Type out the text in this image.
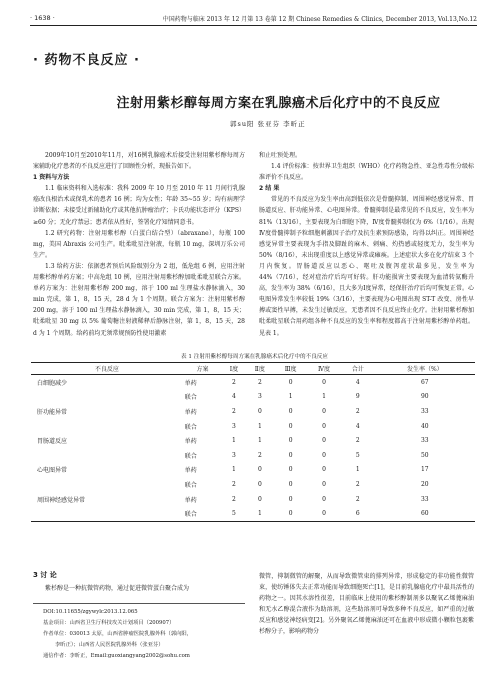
· 1638 ·	中国药物与临床 2013 年 12 月第 13 卷第 12 期 Chinese Remedies & Clinics, December 2013, Vol.13,No.12
· 药物不良反应 ·
注射用紫杉醇每周方案在乳腺癌术后化疗中的不良反应
郭su阳 张亚芬 李昕正

2009年10月至2010年11月，对16例乳腺癌术后接受注射用紫杉醇每周方案辅助化疗患者的不良反应进行了回顾性分析，现报告如下。

1 资料与方法

1.1 临床资料和入选标准：我科 2009 年 10 月至 2010 年 11 月间行乳腺癌改良根治术或保乳术的患者 16 例；均为女性；年龄 35~55 岁；均有病理学诊断依据；未接受过新辅助化疗或其他抗肿瘤治疗；卡氏功能状态评分（KPS）≥60 分；无化疗禁忌；患者依从性好，签署化疗知情同意书。

1.2 研究药物：注射用紫杉醇（白蛋白结合型）（abraxane），每瓶 100 mg，美国 Abraxis 公司生产。吡柔吡星注射液，每瓶 10 mg，深圳万乐公司生产。

1.3 给药方法：依据患者预后风险级别分为 2 组，低危组 6 例，应用注射用紫杉醇单药方案；中高危组 10 例，应用注射用紫杉醇加吡柔吡星联合方案。单药方案为：注射用紫杉醇 200 mg，溶于 100 ml 生理盐水静脉滴入，30 min 完成，第 1，8，15 天，28 d 为 1 个周期。联合方案为：注射用紫杉醇 200 mg，溶于 100 ml 生理盐水静脉滴入，30 min 完成，第 1，8，15 天；吡柔吡星 30 mg 以 5% 葡萄糖注射液稀释后静脉注射，第 1，8，15 天，28 d 为 1 个周期。给药前均无须常规预防性使用激素

和止吐预处理。

1.4 评价标准：按世界卫生组织（WHO）化疗药物急性、亚急性毒性分级标准评价不良反应。

2 结 果

常见的不良反应为发生率由高到低依次是骨髓抑制、周围神经感觉异常、胃肠道反应、肝功能异常、心电图异常。骨髓抑制是最常见的不良反应，发生率为 81%（13/16），主要表现为白细胞下降，Ⅳ度骨髓抑制仅为 6%（1/16）。出现Ⅳ度骨髓抑制予粒细胞刺激因子治疗及抗生素预防感染，均得以纠正。周围神经感觉异常主要表现为手指及脚趾的麻木、刺痛、灼热感或轻度无力，发生率为 50%（8/16），未出现重度以上感觉异常或瘫痪。上述症状大多在化疗结束 3 个月内恢复。胃肠道反应以恶心、呕吐及腹泻症状最多见，发生率为 44%（7/16），经对症治疗后均可好转。肝功能损害主要表现为血清转氨酶升高，发生率为 38%（6/16），且大多为Ⅰ度异常，经保肝治疗后均可恢复正常。心电图异常发生率较低 19%（3/16），主要表现为心电图出现 ST-T 改变、房性早搏或窦性早搏，未发生过敏反应，无患者因不良反应终止化疗。注射用紫杉醇加吡柔吡星联合用药组各种不良反应的发生率和程度都高于注射用紫杉醇单药组。见表 1。

表 1 注射用紫杉醇每周方案在乳腺癌术后化疗中的不良反应
不良反应	方案	Ⅰ度	Ⅱ度	Ⅲ度	Ⅳ度	合计	发生率（%）
白细胞减少	单药	2	2	0	0	4	67
	联合	4	3	1	1	9	90
肝功能异常	单药	2	0	0	0	2	33
	联合	3	1	0	0	4	40
胃肠道反应	单药	1	1	0	0	2	33
	联合	3	2	0	0	5	50
心电图异常	单药	1	0	0	0	1	17
	联合	2	0	0	0	2	20
周围神经感觉异常	单药	2	0	0	0	2	33
	联合	5	1	0	0	6	60
3 讨 论

紫杉醇是一种抗微管药物，通过促进微管蛋白聚合成为

DOI:10.11655/zgywylc2013.12.065

基金项目：山西省卫生厅科技攻关计划项目（200907）

作者单位：030013 太原，山西省肿瘤医院乳腺外科（郭向阳，

李昕正）；山西省人民医院乳腺外科（张亚芬）

通信作者：李昕正，Email:guoxiangyang2002@sohu.com

微管，抑制微管的解聚，从而导致微管束的排列异常，形成稳定的非功能性微管束，使纺锤体失去正常功能而导致细胞死亡[1]，是目前乳腺癌化疗中最具活性的药物之一。因其水溶性很差，目前临床上使用的紫杉醇制剂多以聚氧乙烯蓖麻油和无水乙醇混合液作为助溶剂，这些助溶剂可导致多种不良反应，如严重的过敏反应和感觉神经病变[2]。另外聚氧乙烯蓖麻油还可在血液中形成微小颗粒包裹紫杉醇分子，影响药物分
